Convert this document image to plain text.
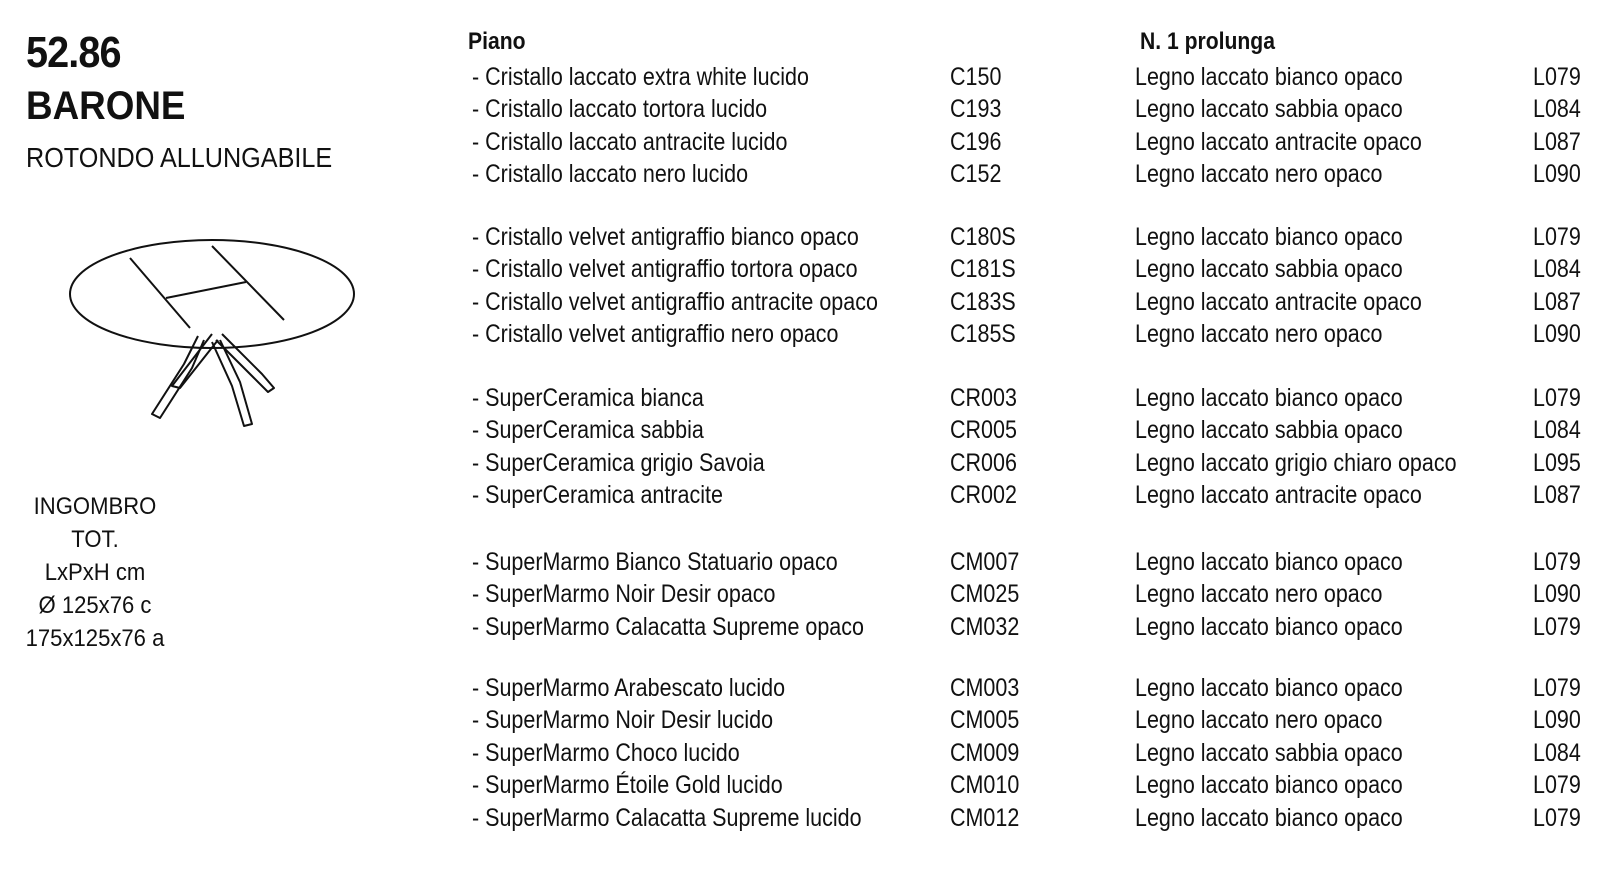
52.86
BARONE
ROTONDO ALLUNGABILE
INGOMBRO TOT.
LxPxH cm
Ø 125x76 c
175x125x76 a
Piano	N. 1 prolunga
- Cristallo laccato extra white lucido	C150	Legno laccato bianco opaco	L079
- Cristallo laccato tortora lucido	C193	Legno laccato sabbia opaco	L084
- Cristallo laccato antracite lucido	C196	Legno laccato antracite opaco	L087
- Cristallo laccato nero lucido	C152	Legno laccato nero opaco	L090
- Cristallo velvet antigraffio bianco opaco	C180S	Legno laccato bianco opaco	L079
- Cristallo velvet antigraffio tortora opaco	C181S	Legno laccato sabbia opaco	L084
- Cristallo velvet antigraffio antracite opaco	C183S	Legno laccato antracite opaco	L087
- Cristallo velvet antigraffio nero opaco	C185S	Legno laccato nero opaco	L090
- SuperCeramica bianca	CR003	Legno laccato bianco opaco	L079
- SuperCeramica sabbia	CR005	Legno laccato sabbia opaco	L084
- SuperCeramica grigio Savoia	CR006	Legno laccato grigio chiaro opaco	L095
- SuperCeramica antracite	CR002	Legno laccato antracite opaco	L087
- SuperMarmo Bianco Statuario opaco	CM007	Legno laccato bianco opaco	L079
- SuperMarmo Noir Desir opaco	CM025	Legno laccato nero opaco	L090
- SuperMarmo Calacatta Supreme opaco	CM032	Legno laccato bianco opaco	L079
- SuperMarmo Arabescato lucido	CM003	Legno laccato bianco opaco	L079
- SuperMarmo Noir Desir lucido	CM005	Legno laccato nero opaco	L090
- SuperMarmo Choco lucido	CM009	Legno laccato sabbia opaco	L084
- SuperMarmo Étoile Gold lucido	CM010	Legno laccato bianco opaco	L079
- SuperMarmo Calacatta Supreme lucido	CM012	Legno laccato bianco opaco	L079
